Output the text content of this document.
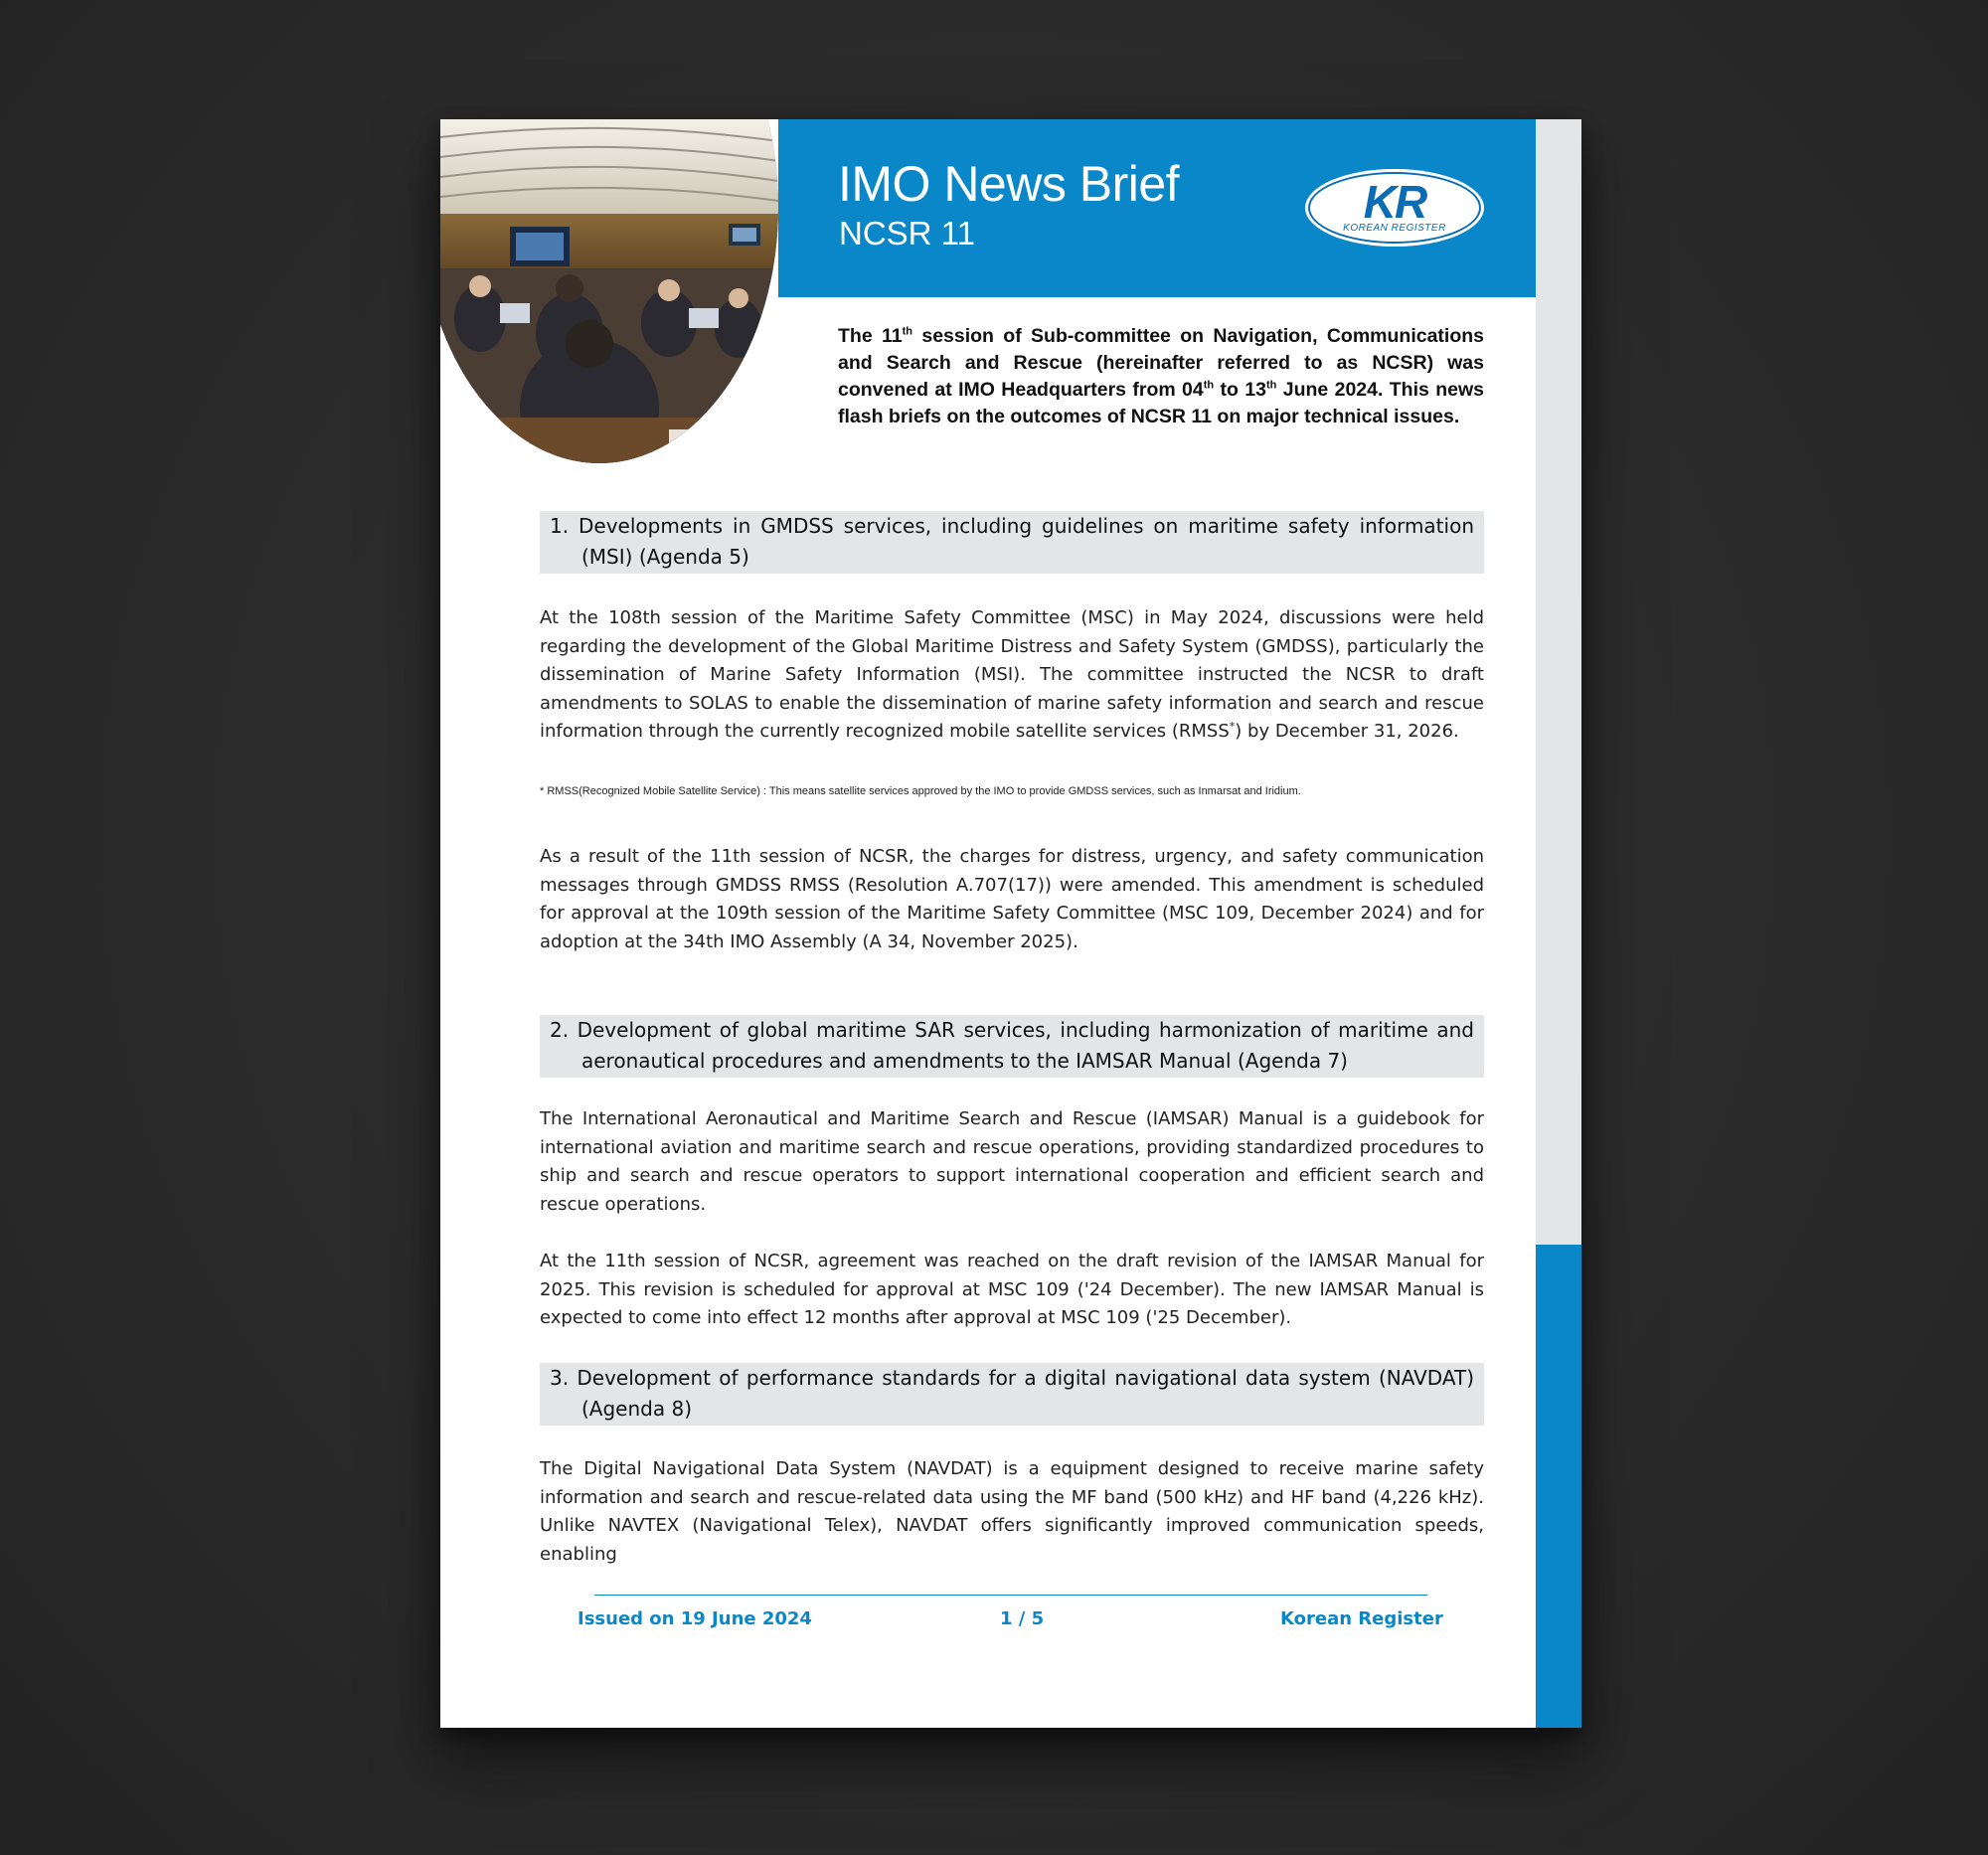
IMO News Brief
NCSR 11
KR
KOREAN REGISTER
The 11th session of Sub-committee on Navigation, Communications and Search and Rescue (hereinafter referred to as NCSR) was convened at IMO Headquarters from 04th to 13th June 2024. This news flash briefs on the outcomes of NCSR 11 on major technical issues.
1. Developments in GMDSS services, including guidelines on maritime safety information (MSI) (Agenda 5)
At the 108th session of the Maritime Safety Committee (MSC) in May 2024, discussions were held regarding the development of the Global Maritime Distress and Safety System (GMDSS), particularly the dissemination of Marine Safety Information (MSI). The committee instructed the NCSR to draft amendments to SOLAS to enable the dissemination of marine safety information and search and rescue information through the currently recognized mobile satellite services (RMSS*) by December 31, 2026.
* RMSS(Recognized Mobile Satellite Service) : This means satellite services approved by the IMO to provide GMDSS services, such as Inmarsat and Iridium.
As a result of the 11th session of NCSR, the charges for distress, urgency, and safety communication messages through GMDSS RMSS (Resolution A.707(17)) were amended. This amendment is scheduled for approval at the 109th session of the Maritime Safety Committee (MSC 109, December 2024) and for adoption at the 34th IMO Assembly (A 34, November 2025).
2. Development of global maritime SAR services, including harmonization of maritime and aeronautical procedures and amendments to the IAMSAR Manual (Agenda 7)
The International Aeronautical and Maritime Search and Rescue (IAMSAR) Manual is a guidebook for international aviation and maritime search and rescue operations, providing standardized procedures to ship and search and rescue operators to support international cooperation and efficient search and rescue operations.
At the 11th session of NCSR, agreement was reached on the draft revision of the IAMSAR Manual for 2025. This revision is scheduled for approval at MSC 109 ('24 December). The new IAMSAR Manual is expected to come into effect 12 months after approval at MSC 109 ('25 December).
3. Development of performance standards for a digital navigational data system (NAVDAT) (Agenda 8)
The Digital Navigational Data System (NAVDAT) is a equipment designed to receive marine safety information and search and rescue-related data using the MF band (500 kHz) and HF band (4,226 kHz). Unlike NAVTEX (Navigational Telex), NAVDAT offers significantly improved communication speeds, enabling
Issued on 19 June 2024	1 / 5	Korean Register
